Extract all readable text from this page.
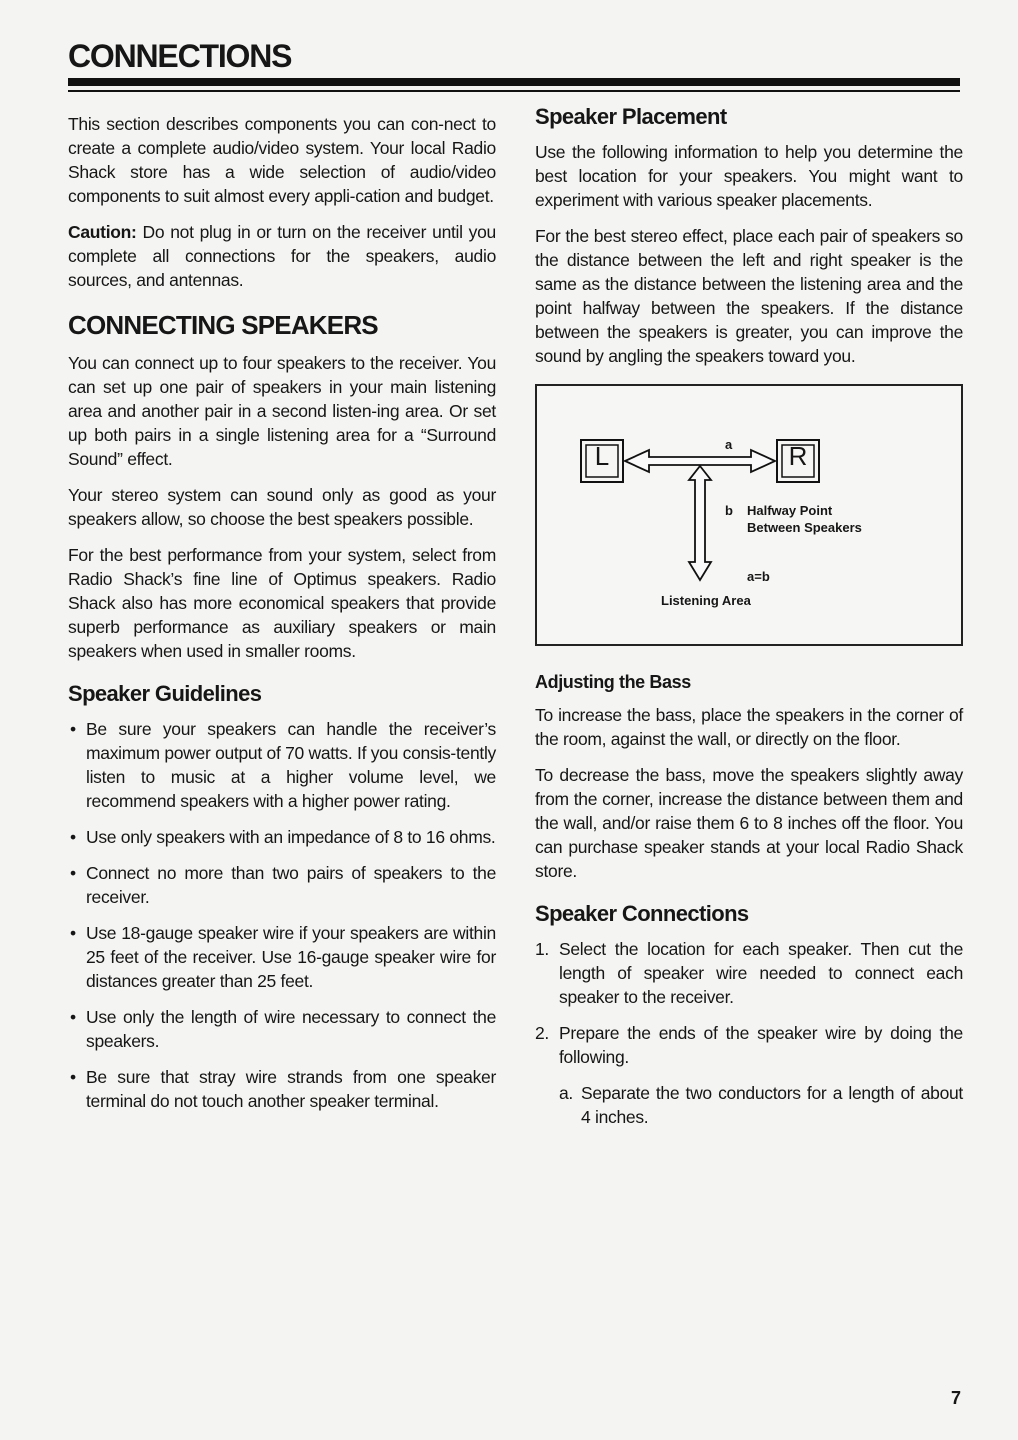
CONNECTIONS

This section describes components you can con-nect to create a complete audio/video system. Your local Radio Shack store has a wide selection of audio/video components to suit almost every appli-cation and budget.

Caution: Do not plug in or turn on the receiver until you complete all connections for the speakers, audio sources, and antennas.

CONNECTING SPEAKERS

You can connect up to four speakers to the receiver. You can set up one pair of speakers in your main listening area and another pair in a second listen-ing area. Or set up both pairs in a single listening area for a “Surround Sound” effect.

Your stereo system can sound only as good as your speakers allow, so choose the best speakers possible.

For the best performance from your system, select from Radio Shack’s fine line of Optimus speakers. Radio Shack also has more economical speakers that provide superb performance as auxiliary speakers or main speakers when used in smaller rooms.

Speaker Guidelines
• Be sure your speakers can handle the receiver’s maximum power output of 70 watts. If you consis-tently listen to music at a higher volume level, we recommend speakers with a higher power rating.
• Use only speakers with an impedance of 8 to 16 ohms.
• Connect no more than two pairs of speakers to the receiver.
• Use 18-gauge speaker wire if your speakers are within 25 feet of the receiver. Use 16-gauge speaker wire for distances greater than 25 feet.
• Use only the length of wire necessary to connect the speakers.
• Be sure that stray wire strands from one speaker terminal do not touch another speaker terminal.
Speaker Placement

Use the following information to help you determine the best location for your speakers. You might want to experiment with various speaker placements.

For the best stereo effect, place each pair of speakers so the distance between the left and right speaker is the same as the distance between the listening area and the point halfway between the speakers. If the distance between the speakers is greater, you can improve the sound by angling the speakers toward you.

L	R
a
b Halfway Point
Between Speakers
a=b
Listening Area
Adjusting the Bass

To increase the bass, place the speakers in the corner of the room, against the wall, or directly on the floor.

To decrease the bass, move the speakers slightly away from the corner, increase the distance between them and the wall, and/or raise them 6 to 8 inches off the floor. You can purchase speaker stands at your local Radio Shack store.

Speaker Connections
1. Select the location for each speaker. Then cut the length of speaker wire needed to connect each speaker to the receiver.
2. Prepare the ends of the speaker wire by doing the following.
a. Separate the two conductors for a length of about 4 inches.
7
